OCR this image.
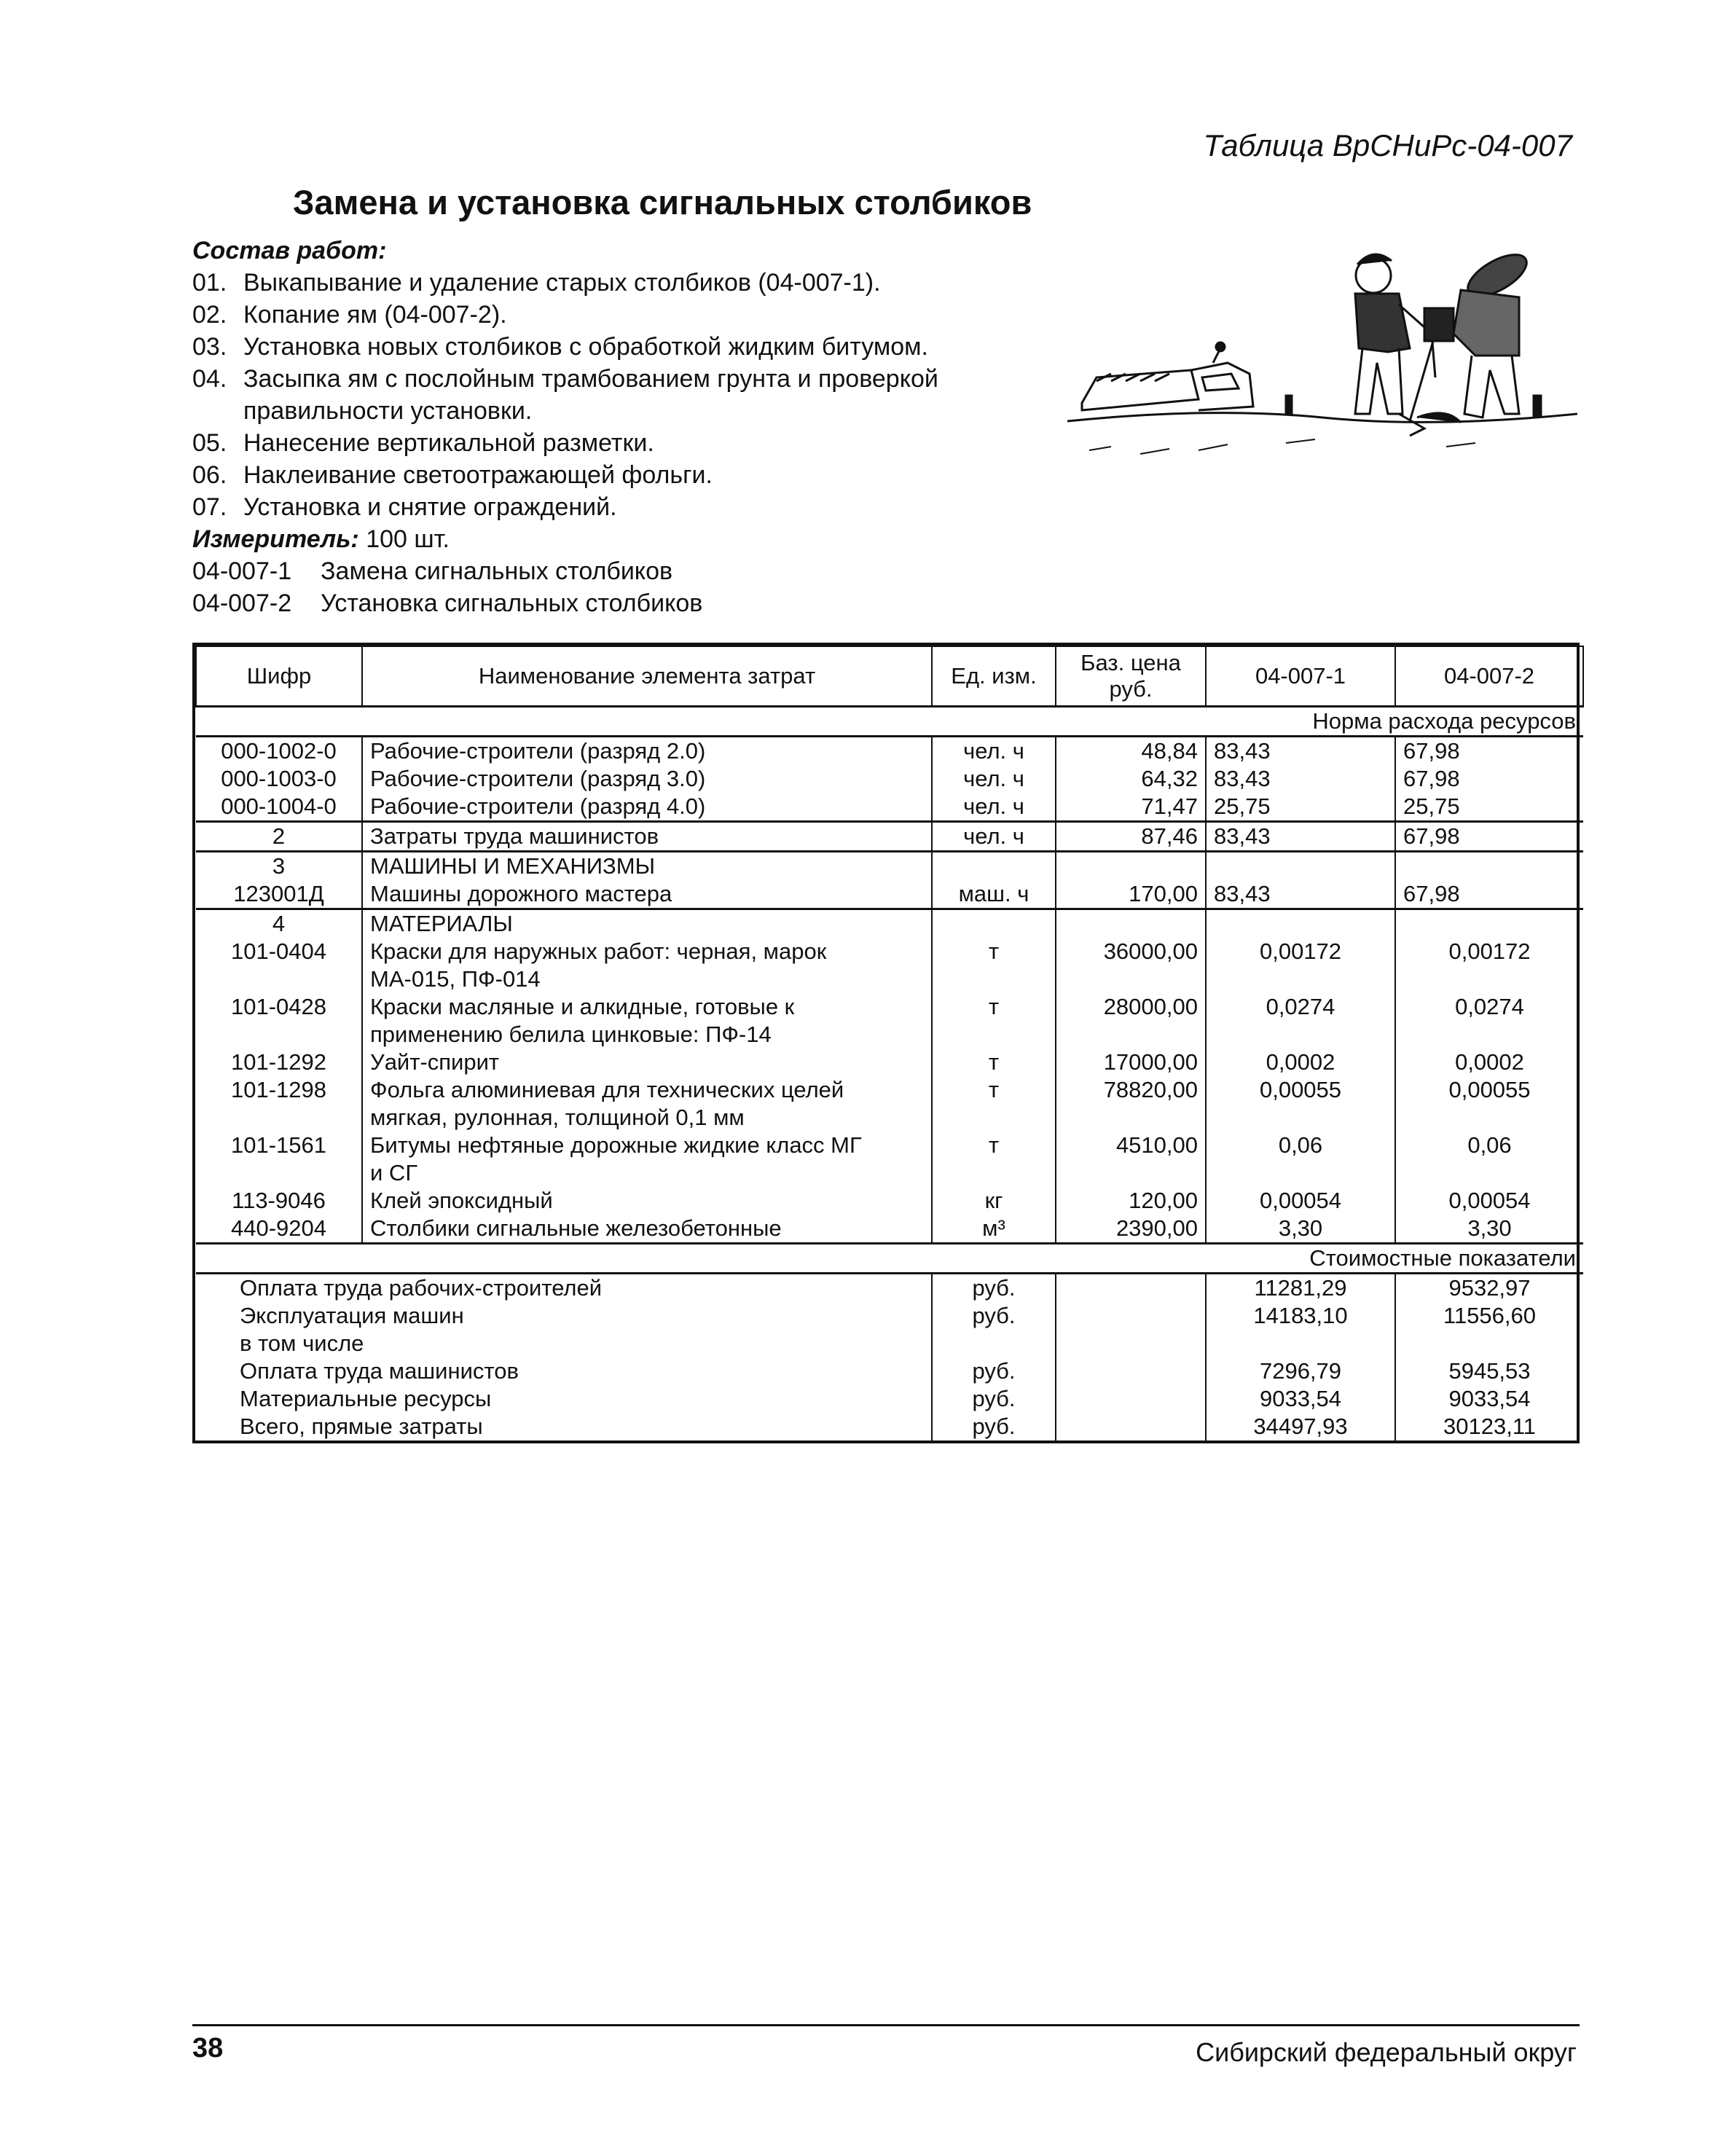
Таблица ВрСНиРс-04-007
Замена и установка сигнальных столбиков
Состав работ:
01. Выкапывание и удаление старых столбиков (04-007-1).
02. Копание ям (04-007-2).
03. Установка новых столбиков с обработкой жидким битумом.
04. Засыпка ям с послойным трамбованием грунта и проверкой
правильности установки.
05. Нанесение вертикальной разметки.
06. Наклеивание светоотражающей фольги.
07. Установка и снятие ограждений.
Измеритель: 100 шт.
04-007-1 Замена сигнальных столбиков
04-007-2 Установка сигнальных столбиков
Шифр	Наименование элемента затрат	Ед. изм.	Баз. цена руб.	04-007-1	04-007-2
Норма расхода ресурсов					
000-1002-0	Рабочие-строители (разряд 2.0)	чел. ч	48,84	83,43	67,98
000-1003-0	Рабочие-строители (разряд 3.0)	чел. ч	64,32	83,43	67,98
000-1004-0	Рабочие-строители (разряд 4.0)	чел. ч	71,47	25,75	25,75
2	Затраты труда машинистов	чел. ч	87,46	83,43	67,98
3	МАШИНЫ И МЕХАНИЗМЫ				
123001Д	Машины дорожного мастера	маш. ч	170,00	83,43	67,98
4	МАТЕРИАЛЫ				
101-0404	Краски для наружных работ: черная, марок
МА-015, ПФ-014	т	36000,00	0,00172	0,00172
101-0428	Краски масляные и алкидные, готовые к
применению белила цинковые: ПФ-14	т	28000,00	0,0274	0,0274
101-1292	Уайт-спирит	т	17000,00	0,0002	0,0002
101-1298	Фольга алюминиевая для технических целей
мягкая, рулонная, толщиной 0,1 мм	т	78820,00	0,00055	0,00055
101-1561	Битумы нефтяные дорожные жидкие класс МГ
и СГ	т	4510,00	0,06	0,06
113-9046	Клей эпоксидный	кг	120,00	0,00054	0,00054
440-9204	Столбики сигнальные железобетонные	м³	2390,00	3,30	3,30
Стоимостные показатели					
Оплата труда рабочих-строителей		руб.		11281,29	9532,97
Эксплуатация машин		руб.		14183,10	11556,60
в том числе					
Оплата труда машинистов		руб.		7296,79	5945,53
Материальные ресурсы		руб.		9033,54	9033,54
Всего, прямые затраты		руб.		34497,93	30123,11
38	Сибирский федеральный округ
